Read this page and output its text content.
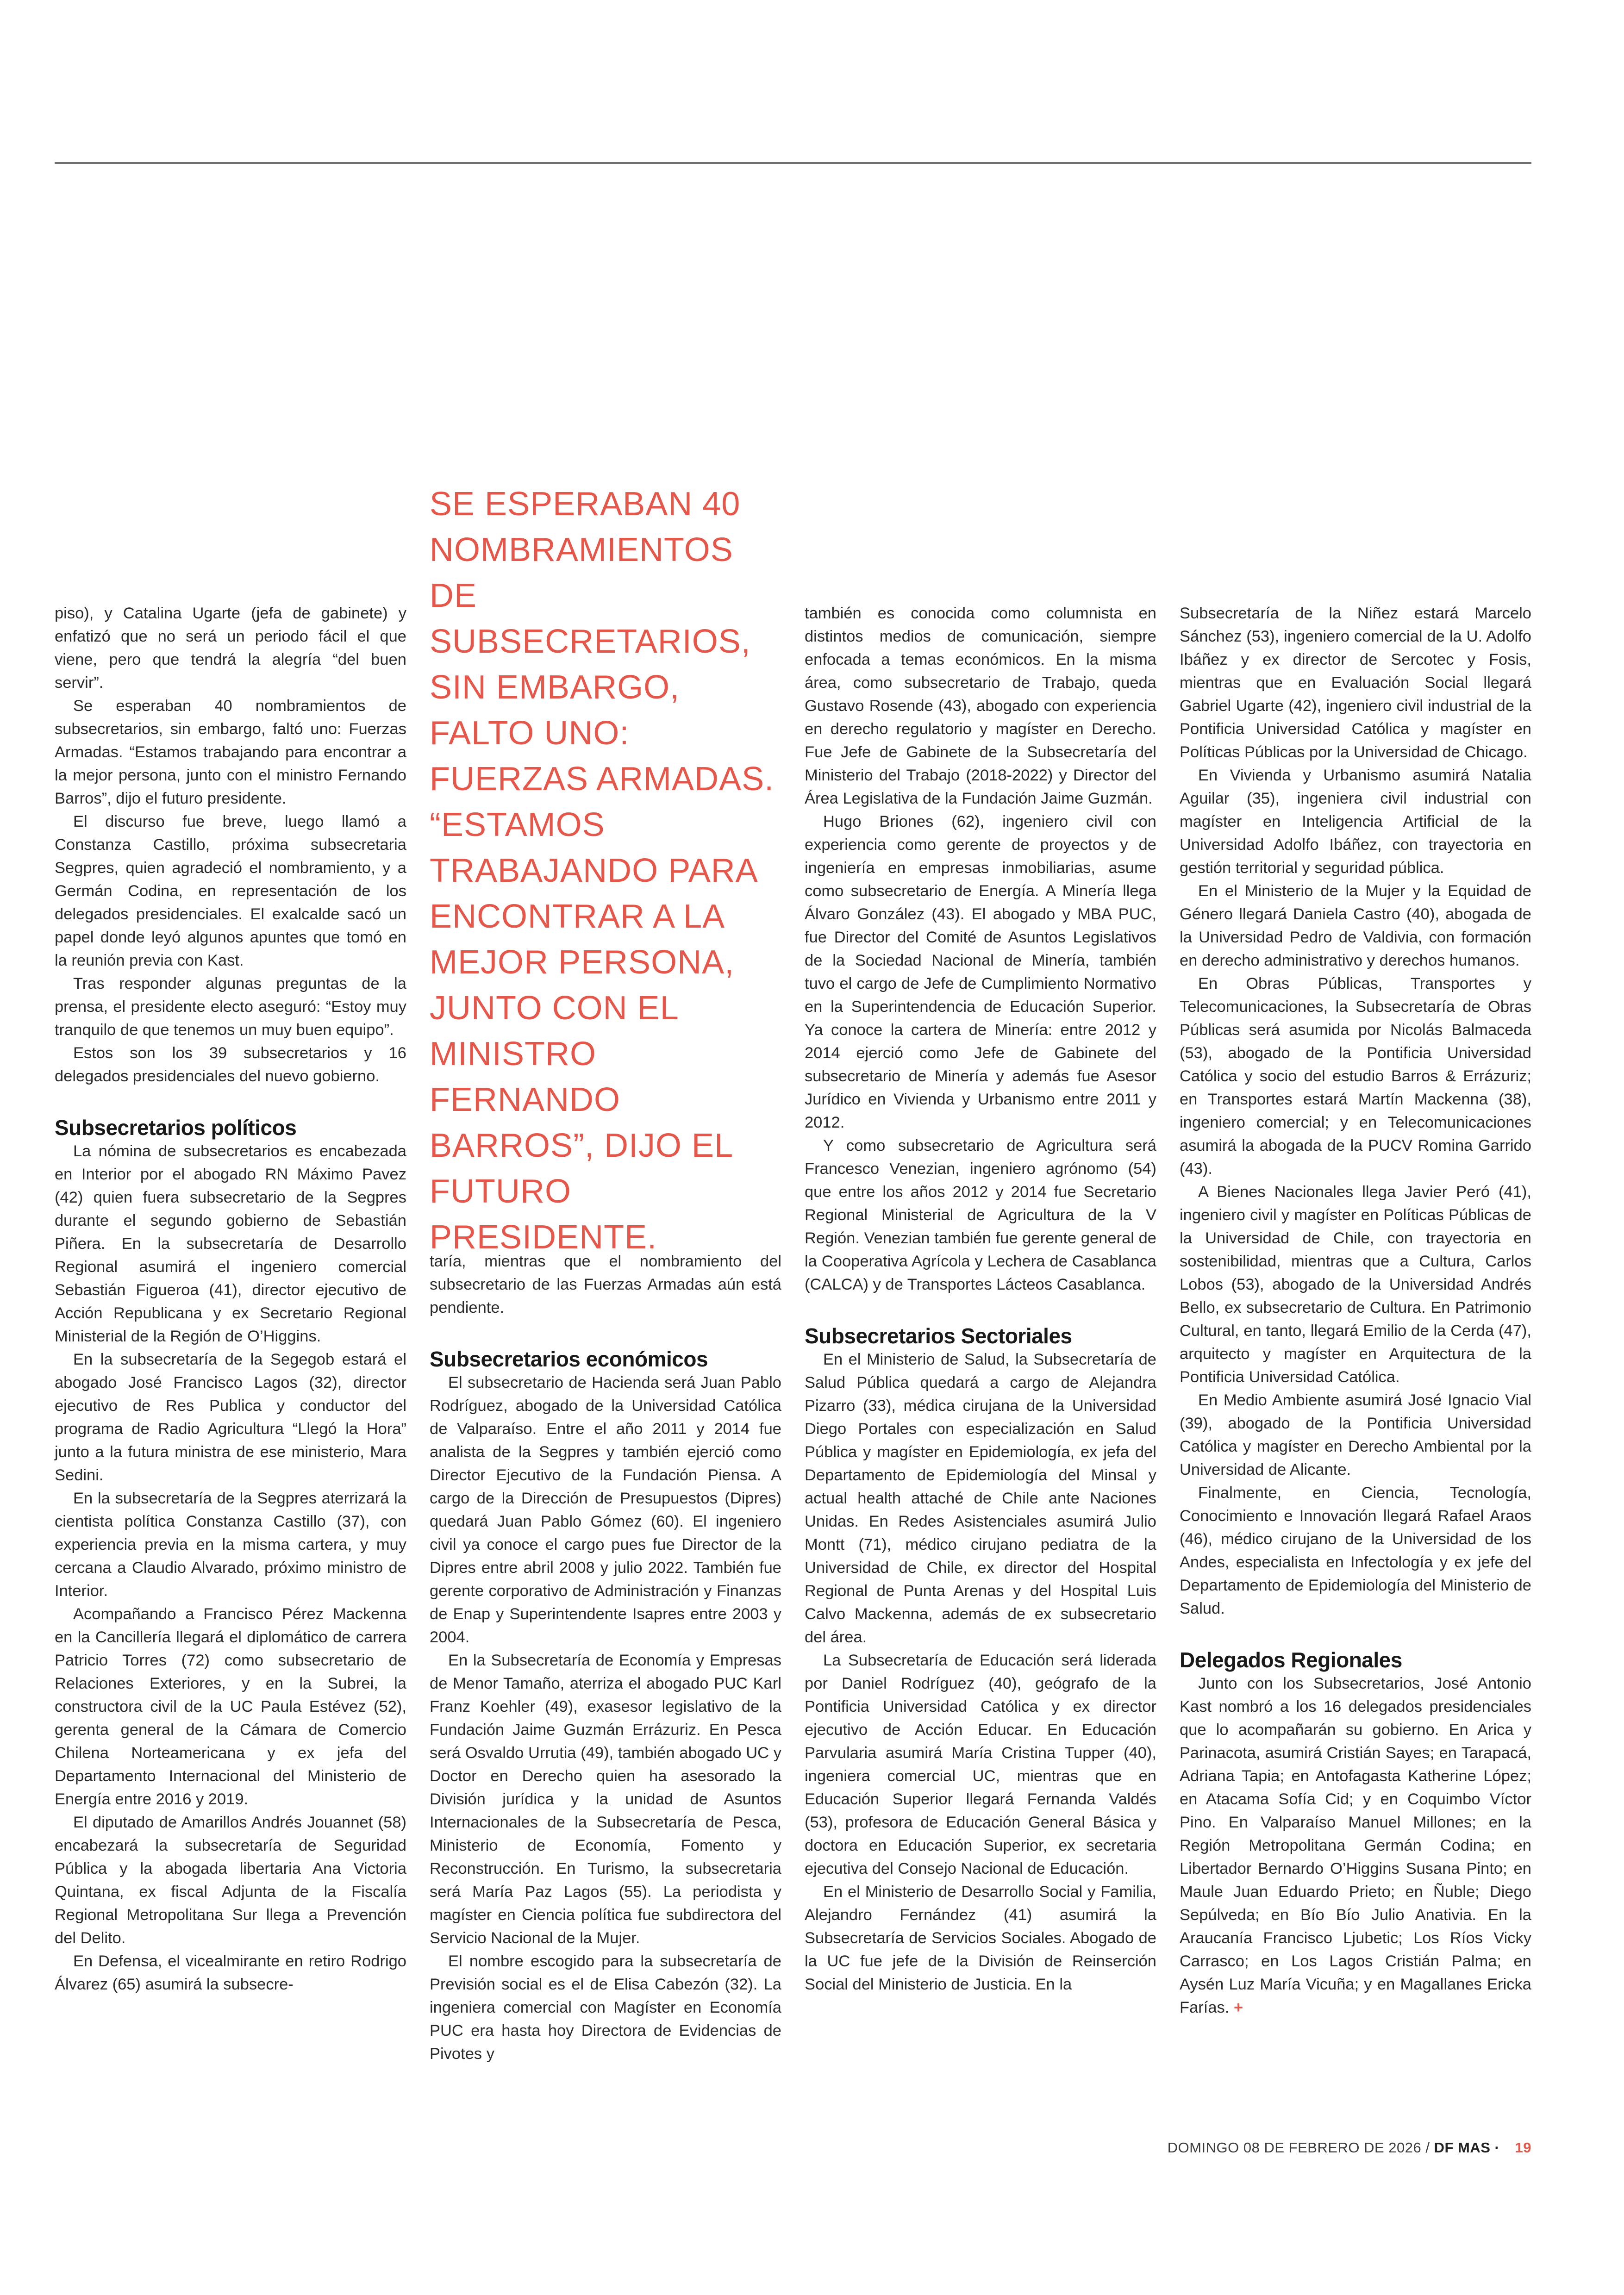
SE ESPERABAN 40 NOMBRAMIENTOS DE SUBSECRETARIOS, SIN EMBARGO, FALTO UNO: FUERZAS ARMADAS. “ESTAMOS TRABAJANDO PARA ENCONTRAR A LA MEJOR PERSONA, JUNTO CON EL MINISTRO FERNANDO BARROS”, DIJO EL FUTURO PRESIDENTE.

piso), y Catalina Ugarte (jefa de gabinete) y enfatizó que no será un periodo fácil el que viene, pero que tendrá la alegría “del buen servir”.

Se esperaban 40 nombramientos de subsecretarios, sin embargo, faltó uno: Fuerzas Armadas. “Estamos trabajando para encontrar a la mejor persona, junto con el ministro Fernando Barros”, dijo el futuro presidente.

El discurso fue breve, luego llamó a Constanza Castillo, próxima subsecretaria Segpres, quien agradeció el nombramiento, y a Germán Codina, en representación de los delegados presidenciales. El exalcalde sacó un papel donde leyó algunos apuntes que tomó en la reunión previa con Kast.

Tras responder algunas preguntas de la prensa, el presidente electo aseguró: “Estoy muy tranquilo de que tenemos un muy buen equipo”.

Estos son los 39 subsecretarios y 16 delegados presidenciales del nuevo gobierno.

Subsecretarios políticos

La nómina de subsecretarios es encabezada en Interior por el abogado RN Máximo Pavez (42) quien fuera subsecretario de la Segpres durante el segundo gobierno de Sebastián Piñera. En la subsecretaría de Desarrollo Regional asumirá el ingeniero comercial Sebastián Figueroa (41), director ejecutivo de Acción Republicana y ex Secretario Regional Ministerial de la Región de O’Higgins.

En la subsecretaría de la Segegob estará el abogado José Francisco Lagos (32), director ejecutivo de Res Publica y conductor del programa de Radio Agricultura “Llegó la Hora” junto a la futura ministra de ese ministerio, Mara Sedini.

En la subsecretaría de la Segpres aterrizará la cientista política Constanza Castillo (37), con experiencia previa en la misma cartera, y muy cercana a Claudio Alvarado, próximo ministro de Interior.

Acompañando a Francisco Pérez Mackenna en la Cancillería llegará el diplomático de carrera Patricio Torres (72) como subsecretario de Relaciones Exteriores, y en la Subrei, la constructora civil de la UC Paula Estévez (52), gerenta general de la Cámara de Comercio Chilena Norteamericana y ex jefa del Departamento Internacional del Ministerio de Energía entre 2016 y 2019.

El diputado de Amarillos Andrés Jouannet (58) encabezará la subsecretaría de Seguridad Pública y la abogada libertaria Ana Victoria Quintana, ex fiscal Adjunta de la Fiscalía Regional Metropolitana Sur llega a Prevención del Delito.

En Defensa, el vicealmirante en retiro Rodrigo Álvarez (65) asumirá la subsecre-

taría, mientras que el nombramiento del subsecretario de las Fuerzas Armadas aún está pendiente.

Subsecretarios económicos

El subsecretario de Hacienda será Juan Pablo Rodríguez, abogado de la Universidad Católica de Valparaíso. Entre el año 2011 y 2014 fue analista de la Segpres y también ejerció como Director Ejecutivo de la Fundación Piensa. A cargo de la Dirección de Presupuestos (Dipres) quedará Juan Pablo Gómez (60). El ingeniero civil ya conoce el cargo pues fue Director de la Dipres entre abril 2008 y julio 2022. También fue gerente corporativo de Administración y Finanzas de Enap y Superintendente Isapres entre 2003 y 2004.

En la Subsecretaría de Economía y Empresas de Menor Tamaño, aterriza el abogado PUC Karl Franz Koehler (49), exasesor legislativo de la Fundación Jaime Guzmán Errázuriz. En Pesca será Osvaldo Urrutia (49), también abogado UC y Doctor en Derecho quien ha asesorado la División jurídica y la unidad de Asuntos Internacionales de la Subsecretaría de Pesca, Ministerio de Economía, Fomento y Reconstrucción. En Turismo, la subsecretaria será María Paz Lagos (55). La periodista y magíster en Ciencia política fue subdirectora del Servicio Nacional de la Mujer.

El nombre escogido para la subsecretaría de Previsión social es el de Elisa Cabezón (32). La ingeniera comercial con Magíster en Economía PUC era hasta hoy Directora de Evidencias de Pivotes y

también es conocida como columnista en distintos medios de comunicación, siempre enfocada a temas económicos. En la misma área, como subsecretario de Trabajo, queda Gustavo Rosende (43), abogado con experiencia en derecho regulatorio y magíster en Derecho. Fue Jefe de Gabinete de la Subsecretaría del Ministerio del Trabajo (2018-2022) y Director del Área Legislativa de la Fundación Jaime Guzmán.

Hugo Briones (62), ingeniero civil con experiencia como gerente de proyectos y de ingeniería en empresas inmobiliarias, asume como subsecretario de Energía. A Minería llega Álvaro González (43). El abogado y MBA PUC, fue Director del Comité de Asuntos Legislativos de la Sociedad Nacional de Minería, también tuvo el cargo de Jefe de Cumplimiento Normativo en la Superintendencia de Educación Superior. Ya conoce la cartera de Minería: entre 2012 y 2014 ejerció como Jefe de Gabinete del subsecretario de Minería y además fue Asesor Jurídico en Vivienda y Urbanismo entre 2011 y 2012.

Y como subsecretario de Agricultura será Francesco Venezian, ingeniero agrónomo (54) que entre los años 2012 y 2014 fue Secretario Regional Ministerial de Agricultura de la V Región. Venezian también fue gerente general de la Cooperativa Agrícola y Lechera de Casablanca (CALCA) y de Transportes Lácteos Casablanca.

Subsecretarios Sectoriales

En el Ministerio de Salud, la Subsecretaría de Salud Pública quedará a cargo de Alejandra Pizarro (33), médica cirujana de la Universidad Diego Portales con especialización en Salud Pública y magíster en Epidemiología, ex jefa del Departamento de Epidemiología del Minsal y actual health attaché de Chile ante Naciones Unidas. En Redes Asistenciales asumirá Julio Montt (71), médico cirujano pediatra de la Universidad de Chile, ex director del Hospital Regional de Punta Arenas y del Hospital Luis Calvo Mackenna, además de ex subsecretario del área.

La Subsecretaría de Educación será liderada por Daniel Rodríguez (40), geógrafo de la Pontificia Universidad Católica y ex director ejecutivo de Acción Educar. En Educación Parvularia asumirá María Cristina Tupper (40), ingeniera comercial UC, mientras que en Educación Superior llegará Fernanda Valdés (53), profesora de Educación General Básica y doctora en Educación Superior, ex secretaria ejecutiva del Consejo Nacional de Educación.

En el Ministerio de Desarrollo Social y Familia, Alejandro Fernández (41) asumirá la Subsecretaría de Servicios Sociales. Abogado de la UC fue jefe de la División de Reinserción Social del Ministerio de Justicia. En la

Subsecretaría de la Niñez estará Marcelo Sánchez (53), ingeniero comercial de la U. Adolfo Ibáñez y ex director de Sercotec y Fosis, mientras que en Evaluación Social llegará Gabriel Ugarte (42), ingeniero civil industrial de la Pontificia Universidad Católica y magíster en Políticas Públicas por la Universidad de Chicago.

En Vivienda y Urbanismo asumirá Natalia Aguilar (35), ingeniera civil industrial con magíster en Inteligencia Artificial de la Universidad Adolfo Ibáñez, con trayectoria en gestión territorial y seguridad pública.

En el Ministerio de la Mujer y la Equidad de Género llegará Daniela Castro (40), abogada de la Universidad Pedro de Valdivia, con formación en derecho administrativo y derechos humanos.

En Obras Públicas, Transportes y Telecomunicaciones, la Subsecretaría de Obras Públicas será asumida por Nicolás Balmaceda (53), abogado de la Pontificia Universidad Católica y socio del estudio Barros & Errázuriz; en Transportes estará Martín Mackenna (38), ingeniero comercial; y en Telecomunicaciones asumirá la abogada de la PUCV Romina Garrido (43).

A Bienes Nacionales llega Javier Peró (41), ingeniero civil y magíster en Políticas Públicas de la Universidad de Chile, con trayectoria en sostenibilidad, mientras que a Cultura, Carlos Lobos (53), abogado de la Universidad Andrés Bello, ex subsecretario de Cultura. En Patrimonio Cultural, en tanto, llegará Emilio de la Cerda (47), arquitecto y magíster en Arquitectura de la Pontificia Universidad Católica.

En Medio Ambiente asumirá José Ignacio Vial (39), abogado de la Pontificia Universidad Católica y magíster en Derecho Ambiental por la Universidad de Alicante.

Finalmente, en Ciencia, Tecnología, Conocimiento e Innovación llegará Rafael Araos (46), médico cirujano de la Universidad de los Andes, especialista en Infectología y ex jefe del Departamento de Epidemiología del Ministerio de Salud.

Delegados Regionales

Junto con los Subsecretarios, José Antonio Kast nombró a los 16 delegados presidenciales que lo acompañarán su gobierno. En Arica y Parinacota, asumirá Cristián Sayes; en Tarapacá, Adriana Tapia; en Antofagasta Katherine López; en Atacama Sofía Cid; y en Coquimbo Víctor Pino. En Valparaíso Manuel Millones; en la Región Metropolitana Germán Codina; en Libertador Bernardo O’Higgins Susana Pinto; en Maule Juan Eduardo Prieto; en Ñuble; Diego Sepúlveda; en Bío Bío Julio Anativia. En la Araucanía Francisco Ljubetic; Los Ríos Vicky Carrasco; en Los Lagos Cristián Palma; en Aysén Luz María Vicuña; y en Magallanes Ericka Farías. +

DOMINGO 08 DE FEBRERO DE 2026 / DF MAS · 19
